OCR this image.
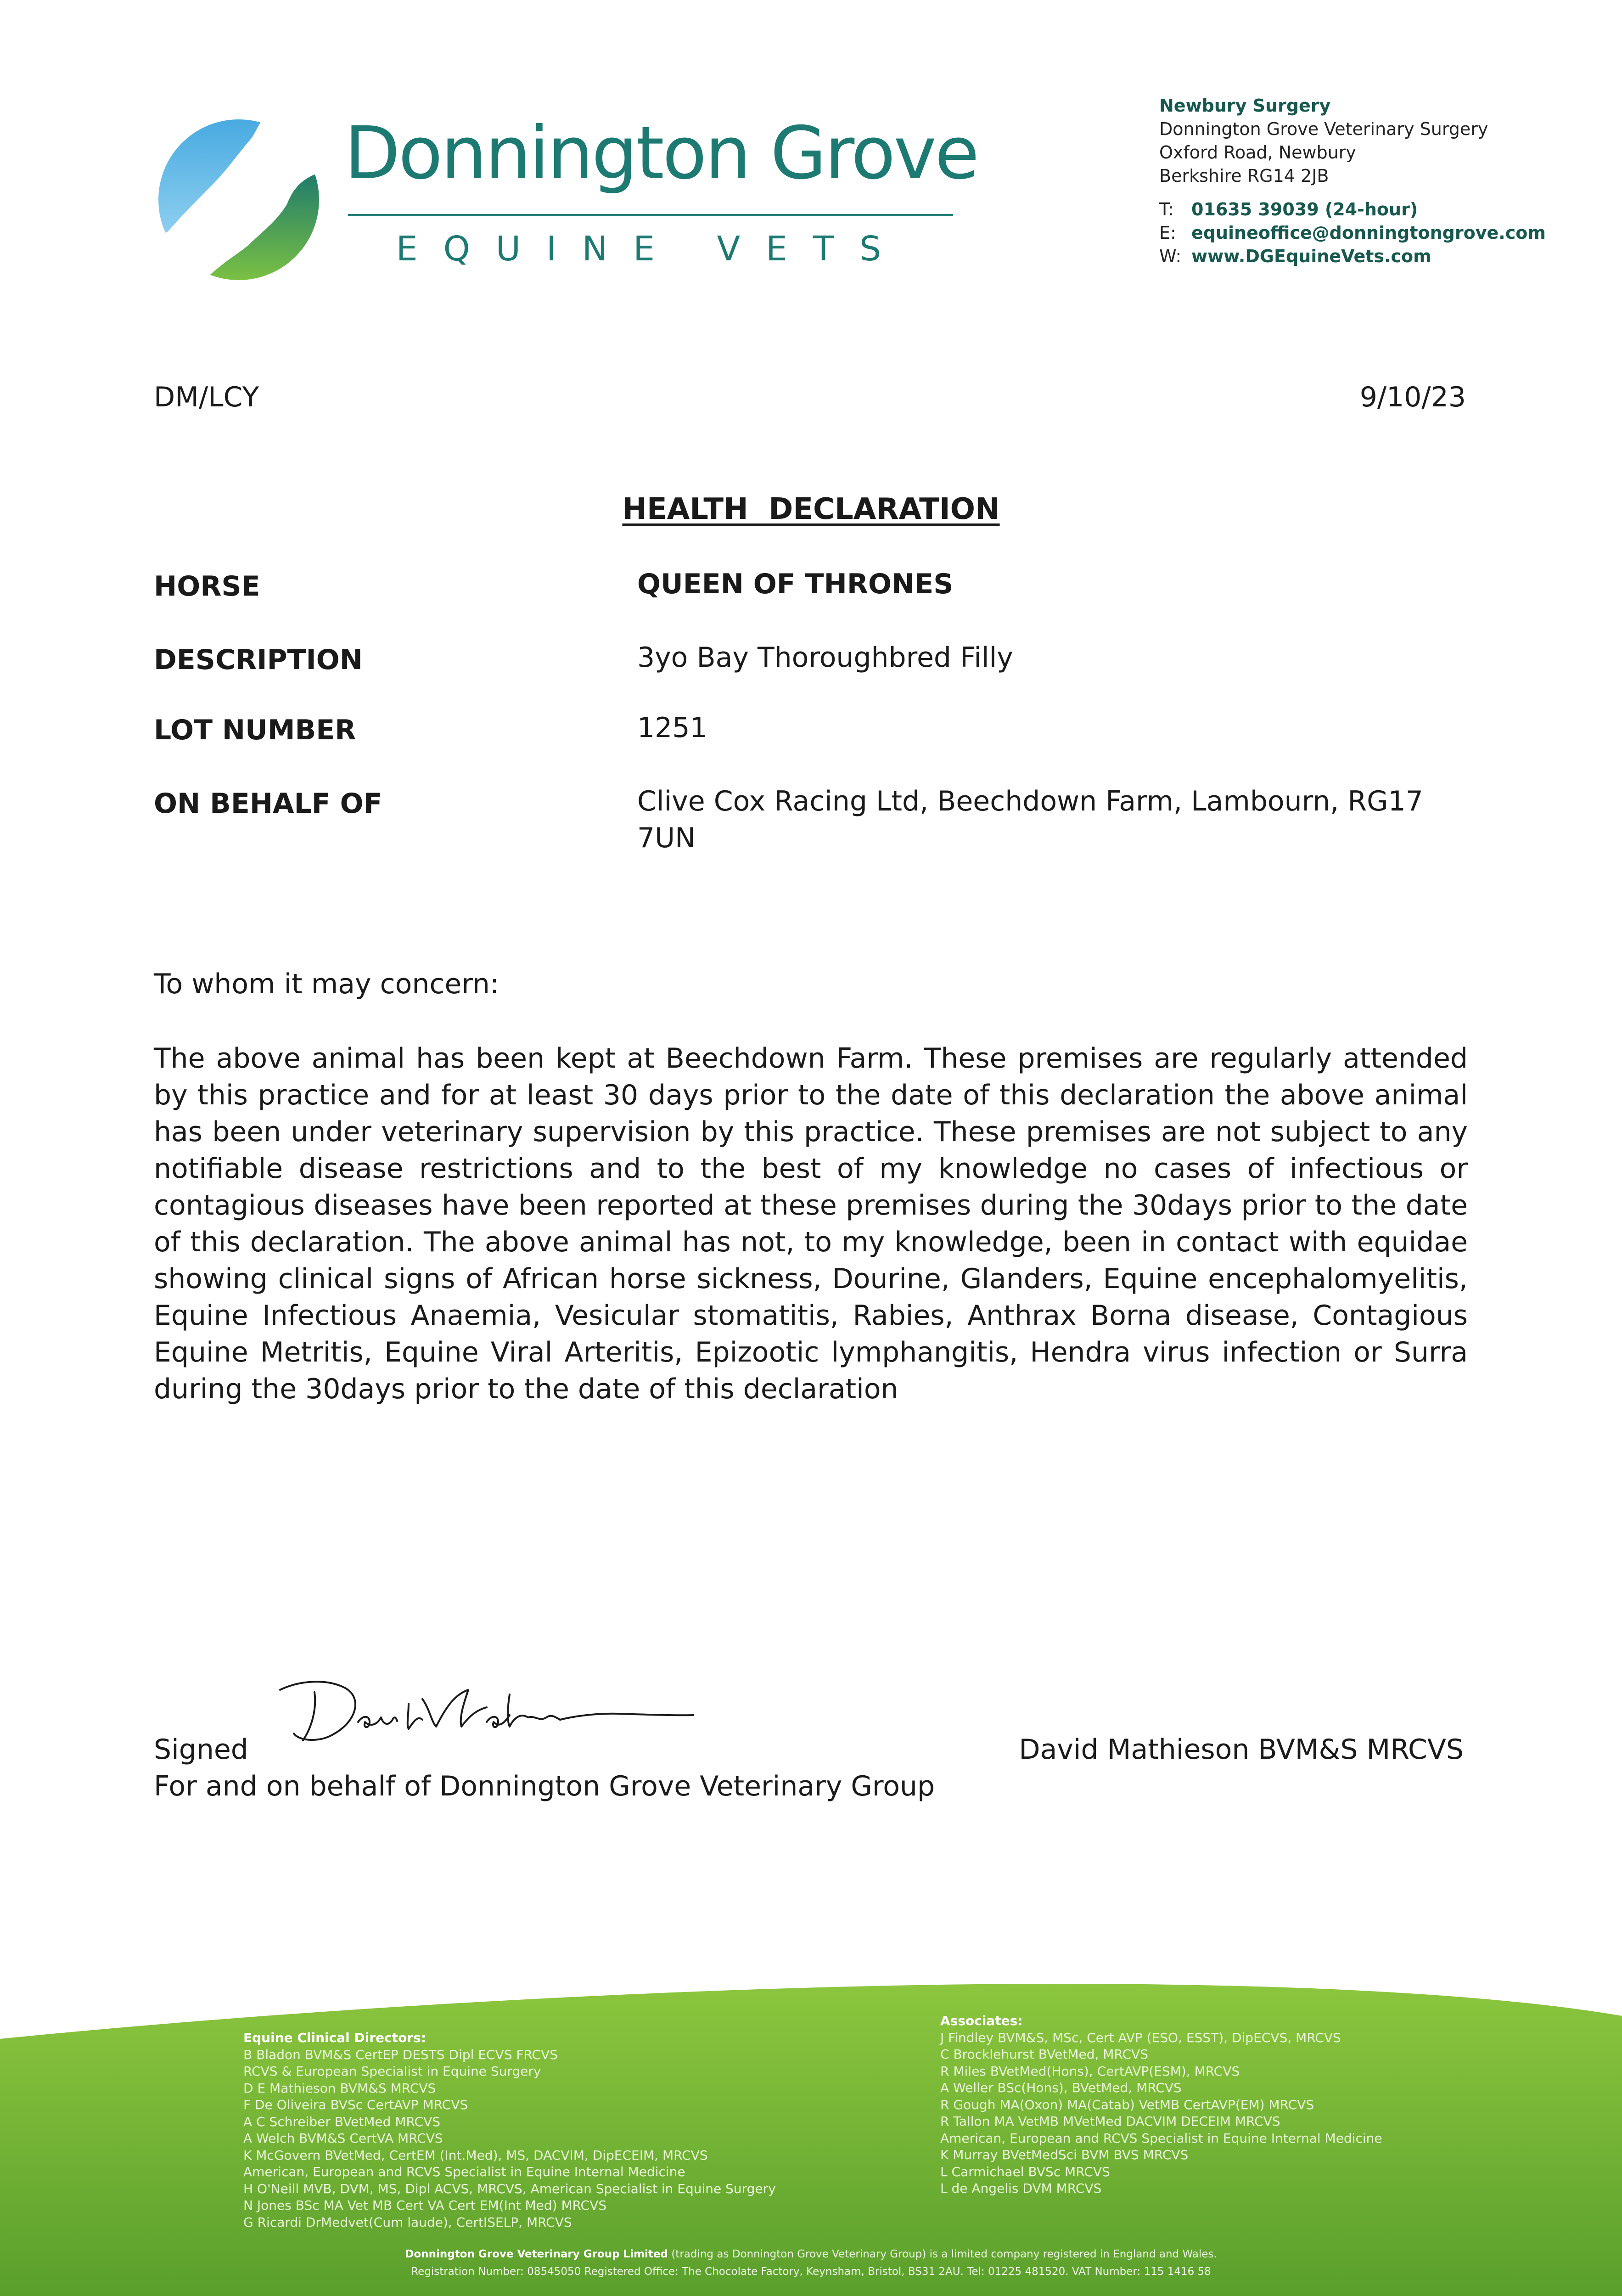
Donnington Grove
EQUINE VETS
Newbury Surgery
Donnington Grove Veterinary Surgery
Oxford Road, Newbury
Berkshire RG14 2JB
T:	01635 39039 (24-hour)
E: equineoffice@donningtongrove.com
W: www.DGEquineVets.com
DM/LCY	9/10/23
HEALTH  DECLARATION
HORSE	QUEEN OF THRONES
DESCRIPTION	3yo Bay Thoroughbred Filly
LOT NUMBER	1251
ON BEHALF OF	Clive Cox Racing Ltd, Beechdown Farm, Lambourn, RG17 7UN
To whom it may concern:
The above animal has been kept at Beechdown Farm. These premises are regularly attended by this practice and for at least 30 days prior to the date of this declaration the above animal has been under veterinary supervision by this practice. These premises are not subject to any notifiable disease restrictions and to the best of my knowledge no cases of infectious or contagious diseases have been reported at these premises during the 30days prior to the date of this declaration. The above animal has not, to my knowledge, been in contact with equidae showing clinical signs of African horse sickness, Dourine, Glanders, Equine encephalomyelitis, Equine Infectious Anaemia, Vesicular stomatitis, Rabies, Anthrax Borna disease, Contagious Equine Metritis, Equine Viral Arteritis, Epizootic lymphangitis, Hendra virus infection or Surra during the 30days prior to the date of this declaration
Signed	David Mathieson BVM&S MRCVS
For and on behalf of Donnington Grove Veterinary Group
Equine Clinical Directors:
B Bladon BVM&S CertEP DESTS Dipl ECVS FRCVS
RCVS & European Specialist in Equine Surgery
D E Mathieson BVM&S MRCVS
F De Oliveira BVSc CertAVP MRCVS
A C Schreiber BVetMed MRCVS
A Welch BVM&S CertVA MRCVS
K McGovern BVetMed, CertEM (Int.Med), MS, DACVIM, DipECEIM, MRCVS
American, European and RCVS Specialist in Equine Internal Medicine
H O'Neill MVB, DVM, MS, Dipl ACVS, MRCVS, American Specialist in Equine Surgery
N Jones BSc MA Vet MB Cert VA Cert EM(Int Med) MRCVS
G Ricardi DrMedvet(Cum laude), CertISELP, MRCVS
Associates:
J Findley BVM&S, MSc, Cert AVP (ESO, ESST), DipECVS, MRCVS
C Brocklehurst BVetMed, MRCVS
R Miles BVetMed(Hons), CertAVP(ESM), MRCVS
A Weller BSc(Hons), BVetMed, MRCVS
R Gough MA(Oxon) MA(Catab) VetMB CertAVP(EM) MRCVS
R Tallon MA VetMB MVetMed DACVIM DECEIM MRCVS
American, European and RCVS Specialist in Equine Internal Medicine
K Murray BVetMedSci BVM BVS MRCVS
L Carmichael BVSc MRCVS
L de Angelis DVM MRCVS
Donnington Grove Veterinary Group Limited (trading as Donnington Grove Veterinary Group) is a limited company registered in England and Wales.
Registration Number: 08545050 Registered Office: The Chocolate Factory, Keynsham, Bristol, BS31 2AU. Tel: 01225 481520. VAT Number: 115 1416 58
